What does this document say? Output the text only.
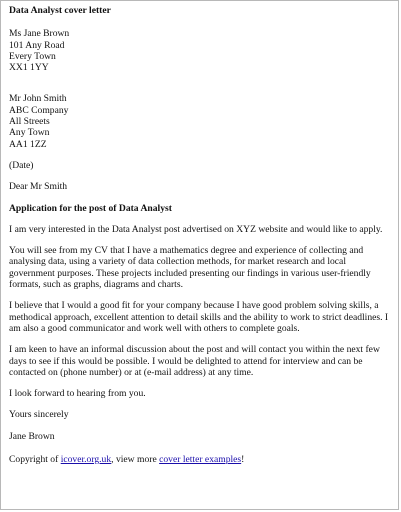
Data Analyst cover letter

Ms Jane Brown
101 Any Road
Every Town
XX1 1YY

Mr John Smith
ABC Company
All Streets
Any Town
AA1 1ZZ

(Date)

Dear Mr Smith

Application for the post of Data Analyst

I am very interested in the Data Analyst post advertised on XYZ website and would like to apply.

You will see from my CV that I have a mathematics degree and experience of collecting and analysing data, using a variety of data collection methods, for market research and local government purposes. These projects included presenting our findings in various user-friendly formats, such as graphs, diagrams and charts.

I believe that I would a good fit for your company because I have good problem solving skills, a methodical approach, excellent attention to detail skills and the ability to work to strict deadlines. I am also a good communicator and work well with others to complete goals.

I am keen to have an informal discussion about the post and will contact you within the next few days to see if this would be possible. I would be delighted to attend for interview and can be contacted on (phone number) or at (e-mail address) at any time.

I look forward to hearing from you.

Yours sincerely

Jane Brown

Copyright of icover.org.uk, view more cover letter examples!
